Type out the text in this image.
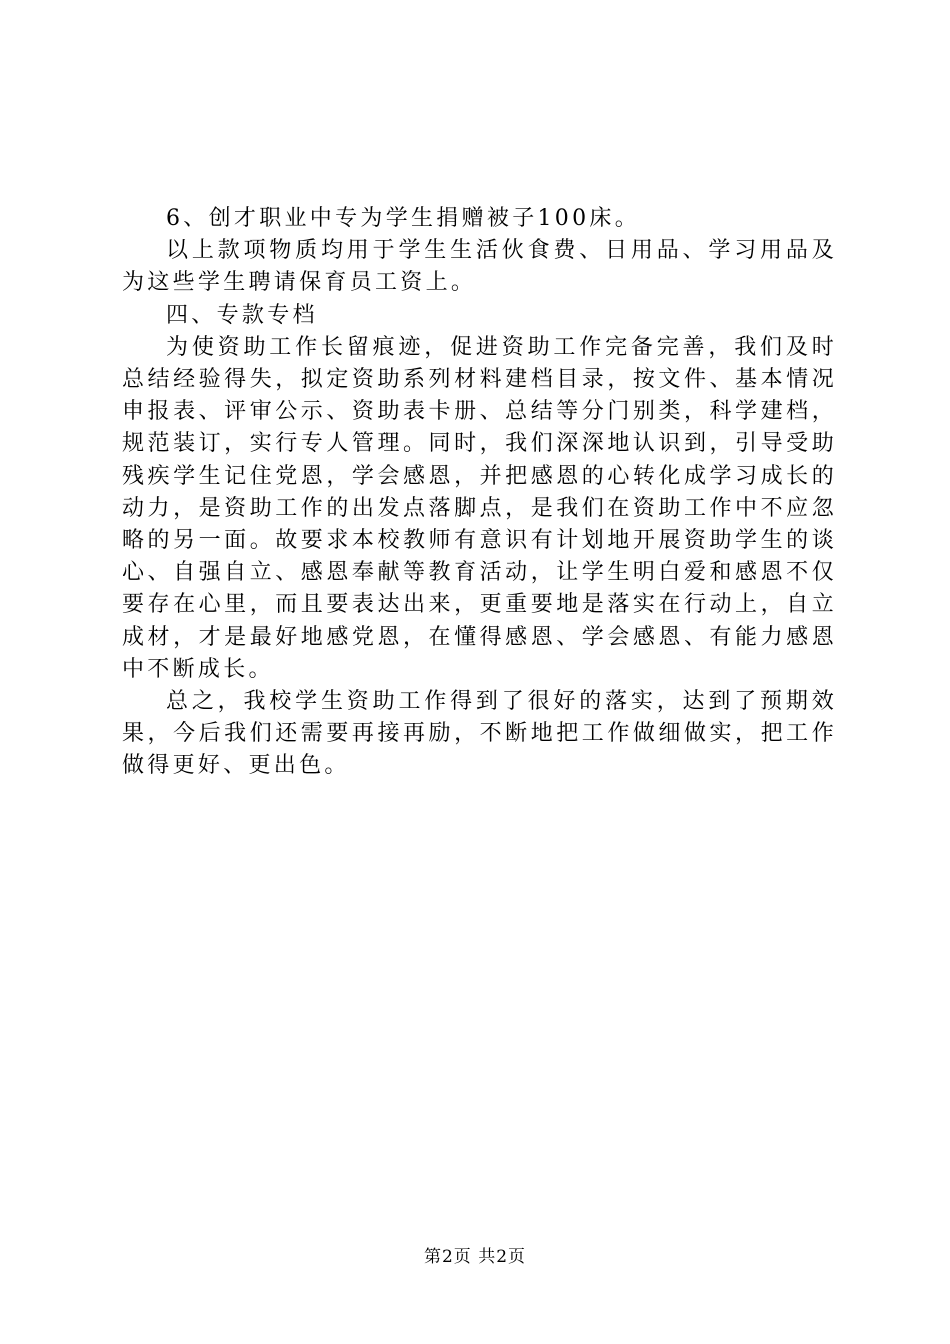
6、创才职业中专为学生捐赠被子100床。

以上款项物质均用于学生生活伙食费、日用品、学习用品及为这些学生聘请保育员工资上。

四、专款专档

为使资助工作长留痕迹，促进资助工作完备完善，我们及时总结经验得失，拟定资助系列材料建档目录，按文件、基本情况申报表、评审公示、资助表卡册、总结等分门别类，科学建档，规范装订，实行专人管理。同时，我们深深地认识到，引导受助残疾学生记住党恩，学会感恩，并把感恩的心转化成学习成长的动力，是资助工作的出发点落脚点，是我们在资助工作中不应忽略的另一面。故要求本校教师有意识有计划地开展资助学生的谈心、自强自立、感恩奉献等教育活动，让学生明白爱和感恩不仅要存在心里，而且要表达出来，更重要地是落实在行动上，自立成材，才是最好地感党恩，在懂得感恩、学会感恩、有能力感恩中不断成长。

总之，我校学生资助工作得到了很好的落实，达到了预期效果，今后我们还需要再接再励，不断地把工作做细做实，把工作做得更好、更出色。

第2页 共2页
